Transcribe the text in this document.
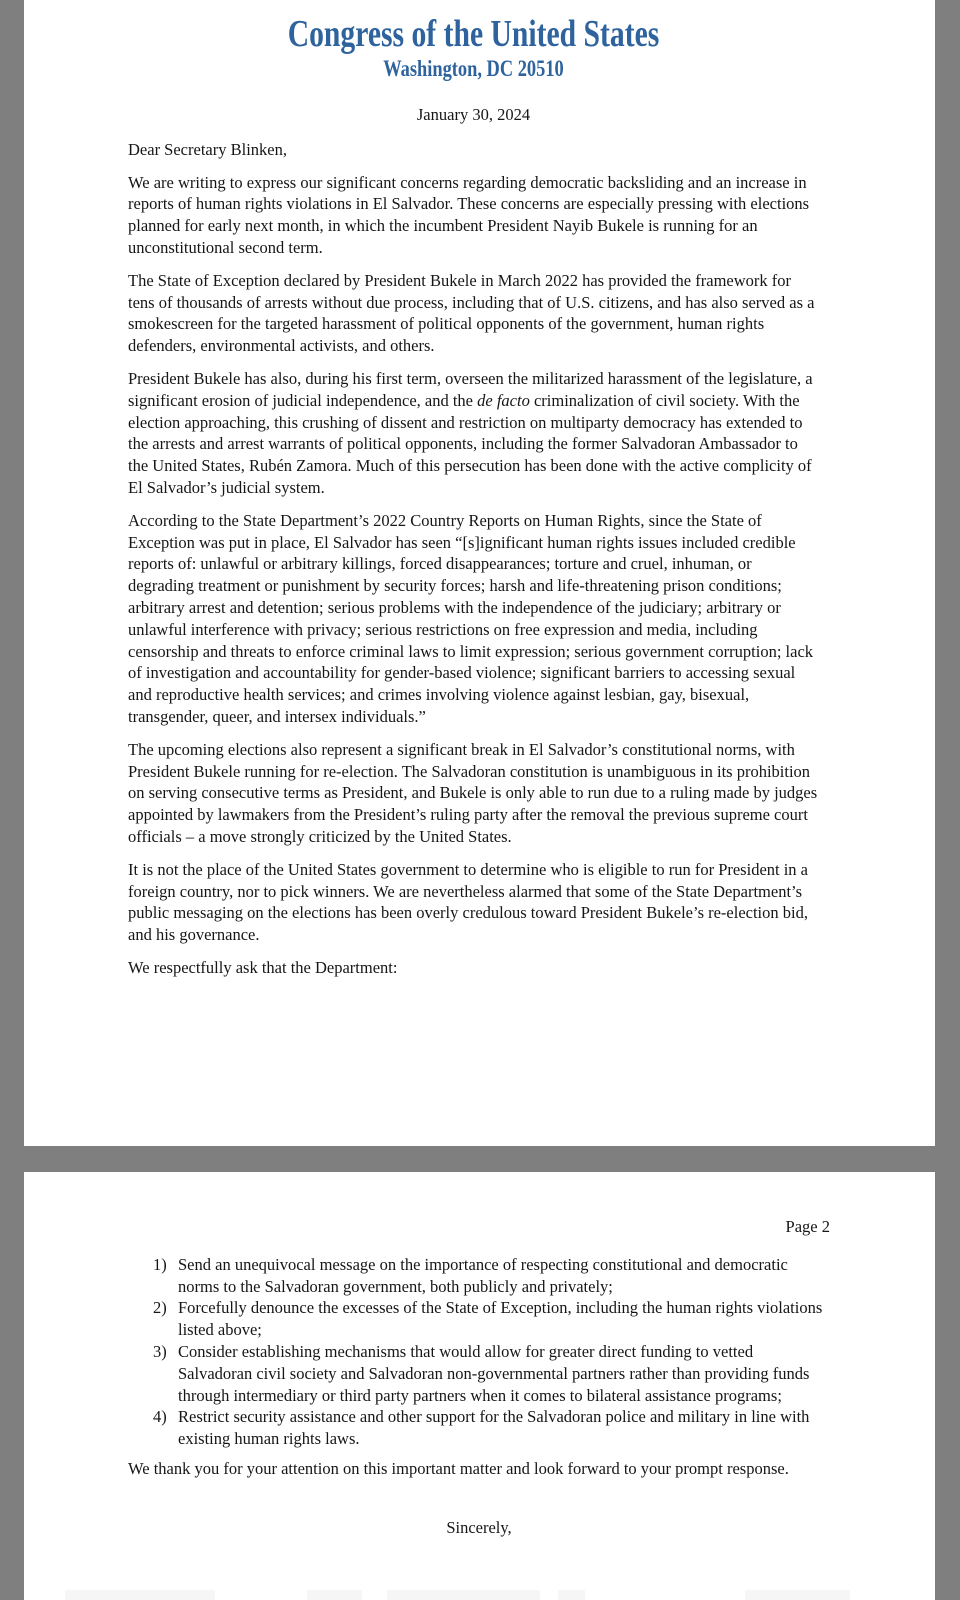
Congress of the United States
Washington, DC 20510

January 30, 2024

Dear Secretary Blinken,

We are writing to express our significant concerns regarding democratic backsliding and an increase in reports of human rights violations in El Salvador. These concerns are especially pressing with elections planned for early next month, in which the incumbent President Nayib Bukele is running for an unconstitutional second term.

The State of Exception declared by President Bukele in March 2022 has provided the framework for tens of thousands of arrests without due process, including that of U.S. citizens, and has also served as a smokescreen for the targeted harassment of political opponents of the government, human rights defenders, environmental activists, and others.

President Bukele has also, during his first term, overseen the militarized harassment of the legislature, a significant erosion of judicial independence, and the de facto criminalization of civil society. With the election approaching, this crushing of dissent and restriction on multiparty democracy has extended to the arrests and arrest warrants of political opponents, including the former Salvadoran Ambassador to the United States, Rubén Zamora. Much of this persecution has been done with the active complicity of El Salvador’s judicial system.

According to the State Department’s 2022 Country Reports on Human Rights, since the State of Exception was put in place, El Salvador has seen “[s]ignificant human rights issues included credible reports of: unlawful or arbitrary killings, forced disappearances; torture and cruel, inhuman, or degrading treatment or punishment by security forces; harsh and life-threatening prison conditions; arbitrary arrest and detention; serious problems with the independence of the judiciary; arbitrary or unlawful interference with privacy; serious restrictions on free expression and media, including censorship and threats to enforce criminal laws to limit expression; serious government corruption; lack of investigation and accountability for gender-based violence; significant barriers to accessing sexual and reproductive health services; and crimes involving violence against lesbian, gay, bisexual, transgender, queer, and intersex individuals.”

The upcoming elections also represent a significant break in El Salvador’s constitutional norms, with President Bukele running for re-election. The Salvadoran constitution is unambiguous in its prohibition on serving consecutive terms as President, and Bukele is only able to run due to a ruling made by judges appointed by lawmakers from the President’s ruling party after the removal the previous supreme court officials – a move strongly criticized by the United States.

It is not the place of the United States government to determine who is eligible to run for President in a foreign country, nor to pick winners. We are nevertheless alarmed that some of the State Department’s public messaging on the elections has been overly credulous toward President Bukele’s re-election bid, and his governance.

We respectfully ask that the Department:

Page 2
1) Send an unequivocal message on the importance of respecting constitutional and democratic norms to the Salvadoran government, both publicly and privately;
2) Forcefully denounce the excesses of the State of Exception, including the human rights violations listed above;
3) Consider establishing mechanisms that would allow for greater direct funding to vetted Salvadoran civil society and Salvadoran non-governmental partners rather than providing funds through intermediary or third party partners when it comes to bilateral assistance programs;
4) Restrict security assistance and other support for the Salvadoran police and military in line with existing human rights laws.

We thank you for your attention on this important matter and look forward to your prompt response.

Sincerely,
